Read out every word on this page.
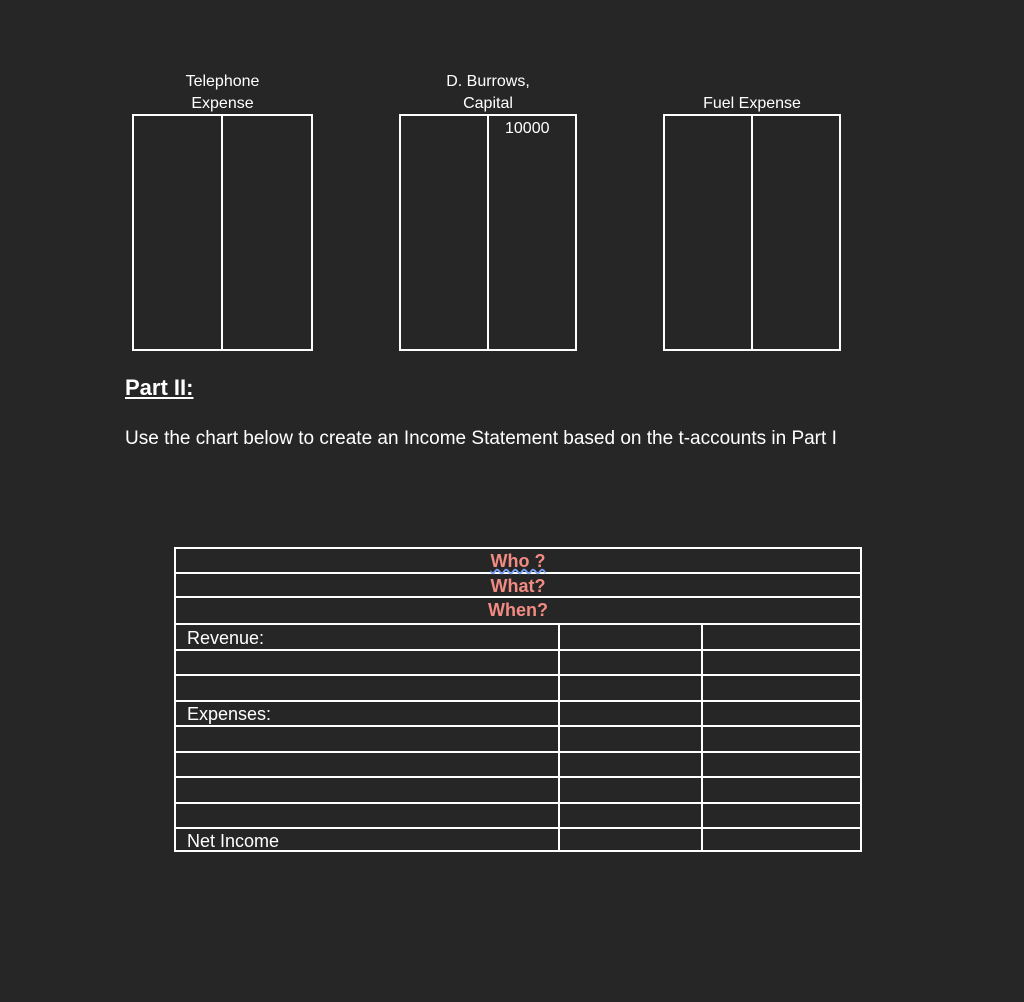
Telephone
Expense
D. Burrows,
Capital
10000
Fuel Expense
Part II:
Use the chart below to create an Income Statement based on the t-accounts in Part I
Who ?
What?
When?
Revenue:
Expenses:
Net Income
